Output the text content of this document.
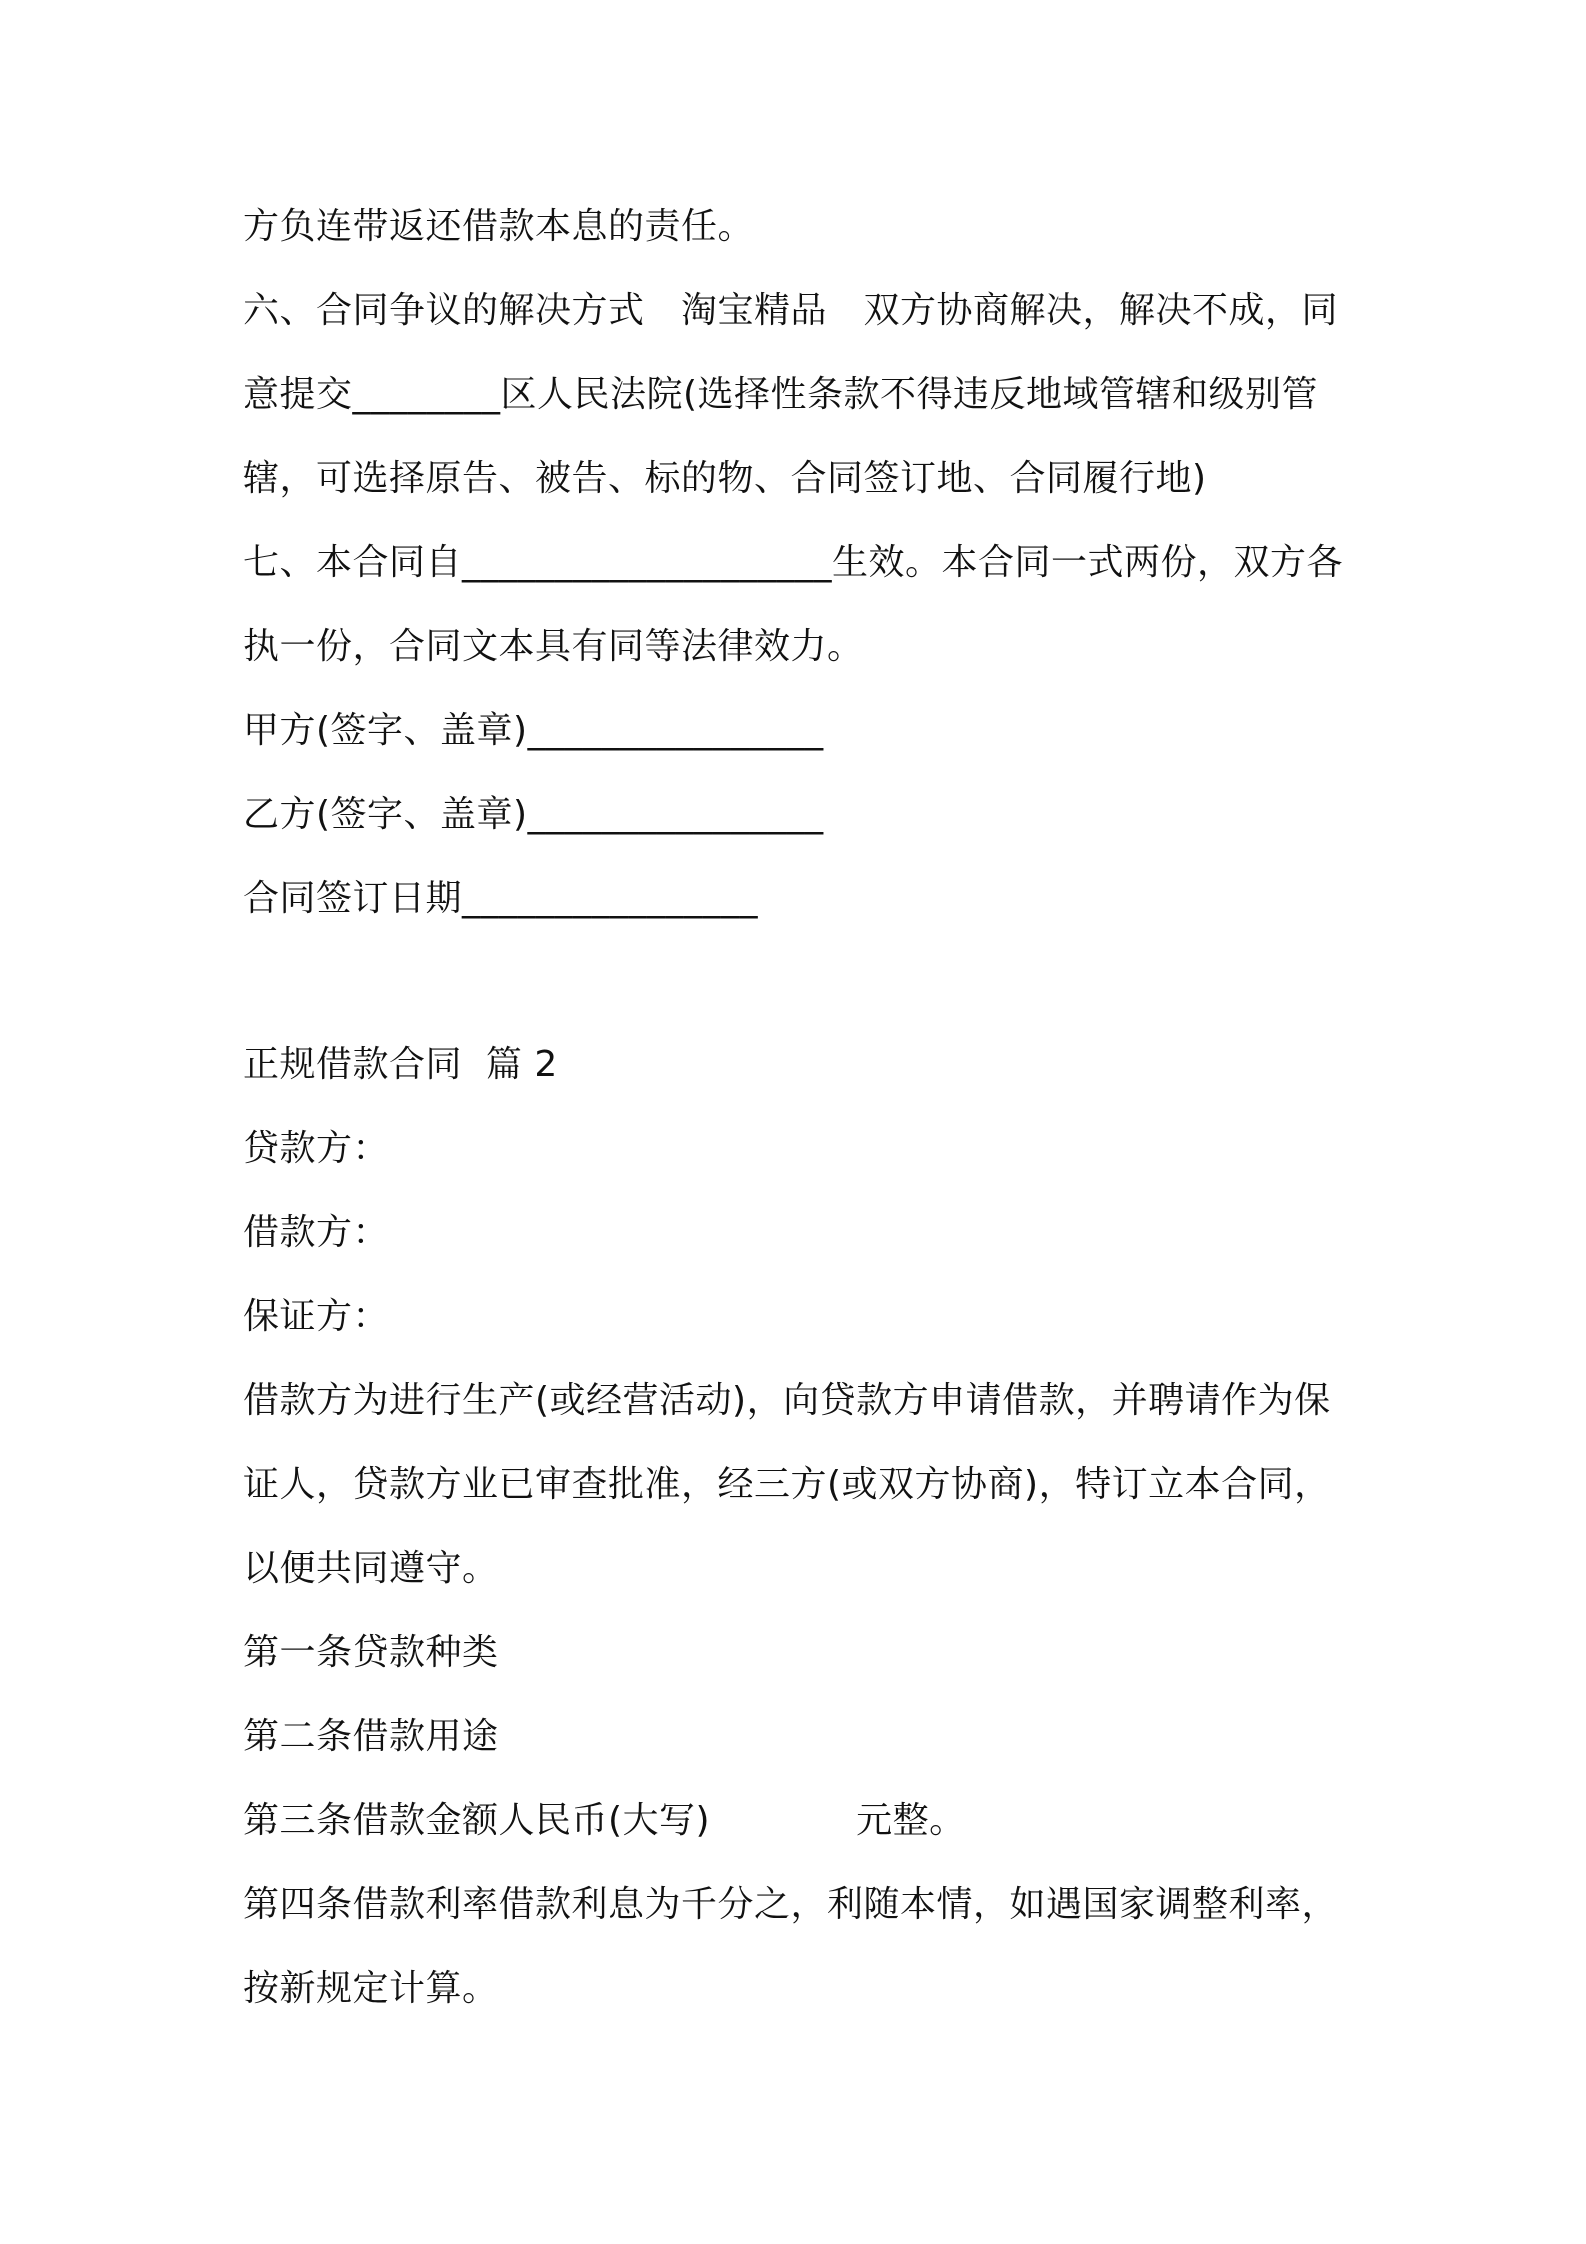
方负连带返还借款本息的责任。
六、合同争议的解决方式　淘宝精品　双方协商解决，解决不成，同
意提交________区人民法院(选择性条款不得违反地域管辖和级别管
辖，可选择原告、被告、标的物、合同签订地、合同履行地)
七、本合同自____________________生效。本合同一式两份，双方各
执一份，合同文本具有同等法律效力。
甲方(签字、盖章)________________
乙方(签字、盖章)________________
合同签订日期________________
正规借款合同  篇 2
贷款方：
借款方：
保证方：
借款方为进行生产(或经营活动)，向贷款方申请借款，并聘请作为保
证人，贷款方业已审查批准，经三方(或双方协商)，特订立本合同，
以便共同遵守。
第一条贷款种类
第二条借款用途
第三条借款金额人民币(大写)　　　　元整。
第四条借款利率借款利息为千分之，利随本情，如遇国家调整利率，
按新规定计算。
